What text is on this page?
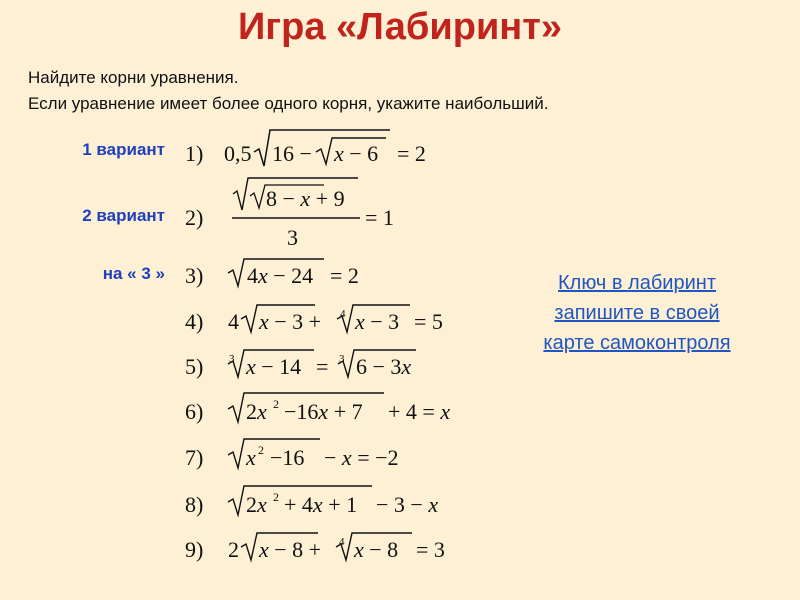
Игра «Лабиринт»
Найдите корни уравнения.
Если уравнение имеет более одного корня, укажите наибольший.
1 вариант
2 вариант
на « 3 »	Ключ в лабиринт
запишите в своей
карте самоконтроля
1) 0,5 16 − x − 6 = 2
2)
8 − x + 9
3
= 1
3) 4x − 24 = 2
4) 4 x − 3 + 4 x − 3 = 5
5) 3 x − 14 = 3 6 − 3x
6) 2x 2 −16x + 7 + 4 = x
7) x 2 −16 − x = −2
8) 2x 2 + 4x + 1 − 3 − x
9) 2 x − 8 + 4 x − 8 = 3
